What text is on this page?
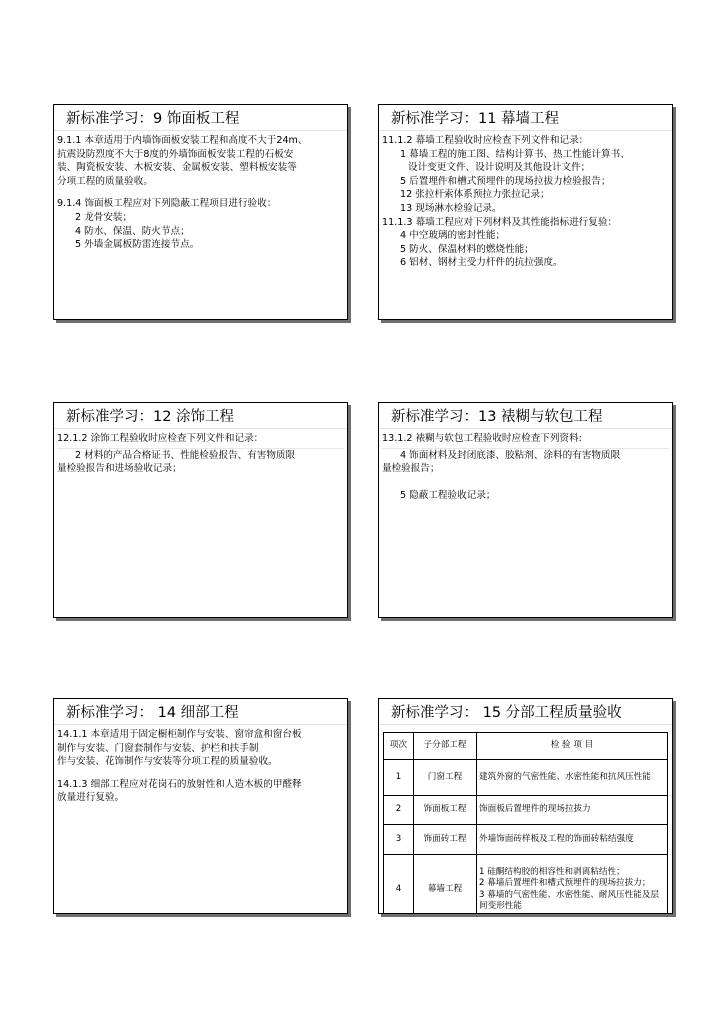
新标准学习：9 饰面板工程

9.1.1 本章适用于内墙饰面板安装工程和高度不大于24m、

抗震设防烈度不大于8度的外墙饰面板安装工程的石板安

装、陶瓷板安装、木板安装、金属板安装、塑料板安装等

分项工程的质量验收。

9.1.4 饰面板工程应对下列隐蔽工程项目进行验收：

2 龙骨安装；

4 防水、保温、防火节点；

5 外墙金属板防雷连接节点。

新标准学习：11 幕墙工程

11.1.2 幕墙工程验收时应检查下列文件和记录：

1 幕墙工程的施工图、结构计算书、热工性能计算书、

设计变更文件、设计说明及其他设计文件；

5 后置埋件和槽式预埋件的现场拉拔力检验报告；

12 张拉杆索体系预拉力张拉记录；

13 现场淋水检验记录。

11.1.3 幕墙工程应对下列材料及其性能指标进行复验：

4 中空玻璃的密封性能；

5 防火、保温材料的燃烧性能；

6 铝材、钢材主受力杆件的抗拉强度。

新标准学习：12 涂饰工程

12.1.2 涂饰工程验收时应检查下列文件和记录：

2 材料的产品合格证书、性能检验报告、有害物质限

量检验报告和进场验收记录；

新标准学习：13 裱糊与软包工程

13.1.2 裱糊与软包工程验收时应检查下列资料:

4 饰面材料及封闭底漆、胶粘剂、涂料的有害物质限

量检验报告；

5 隐蔽工程验收记录；

新标准学习： 14 细部工程

14.1.1 本章适用于固定橱柜制作与安装、窗帘盒和窗台板

制作与安装、门窗套制作与安装、护栏和扶手制

作与安装、花饰制作与安装等分项工程的质量验收。

14.1.3 细部工程应对花岗石的放射性和人造木板的甲醛释

放量进行复验。

新标准学习： 15 分部工程质量验收
项次	子分部工程	检 验 项 目
1	门窗工程	建筑外窗的气密性能、水密性能和抗风压性能
2	饰面板工程	饰面板后置埋件的现场拉拔力
3	饰面砖工程	外墙饰面砖样板及工程的饰面砖粘结强度
4	幕墙工程	1 硅酮结构胶的相容性和剥离粘结性；
2 幕墙后置埋件和槽式预埋件的现场拉拔力；
3 幕墙的气密性能、水密性能、耐风压性能及层间变形性能
